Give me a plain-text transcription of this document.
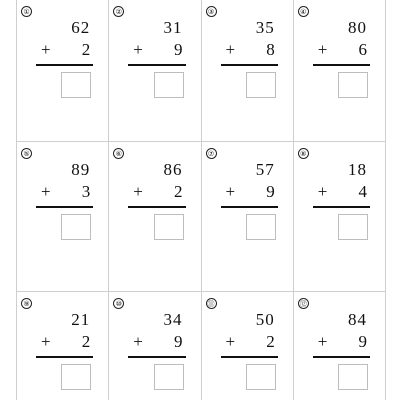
①
62
+ 2
②
31
+ 9
③
35
+ 8
④
80
+ 6
⑤
89
+ 3
⑥
86
+ 2
⑦
57
+ 9
⑧
18
+ 4
⑨
21
+ 2
⑩
34
+ 9
⑪
50
+ 2
⑫
84
+ 9
